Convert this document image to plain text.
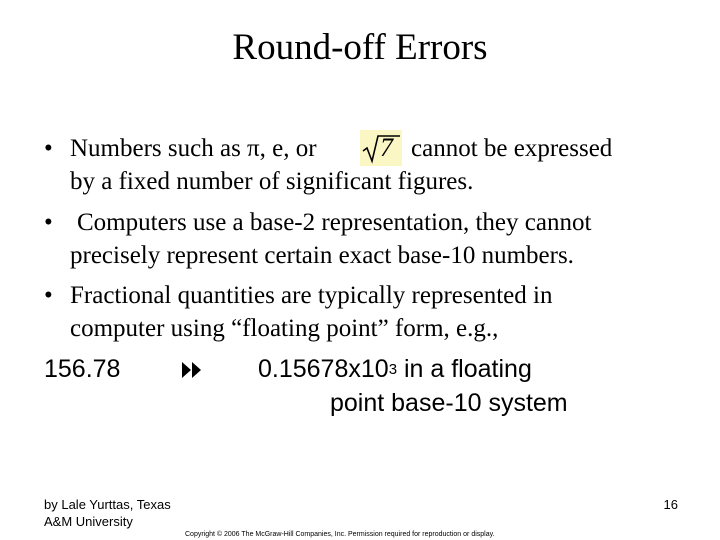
Round-off Errors
• Numbers such as π, e, or 7 cannot be expressed
by a fixed number of significant figures.
• Computers use a base-2 representation, they cannot
precisely represent certain exact base-10 numbers.
• Fractional quantities are typically represented in
computer using “floating point” form, e.g.,
156.78	$0.15678x10^3$ in a floating
point base-10 system
by Lale Yurttas, Texas
A&M University
16
Copyright © 2006 The McGraw-Hill Companies, Inc. Permission required for reproduction or display.
